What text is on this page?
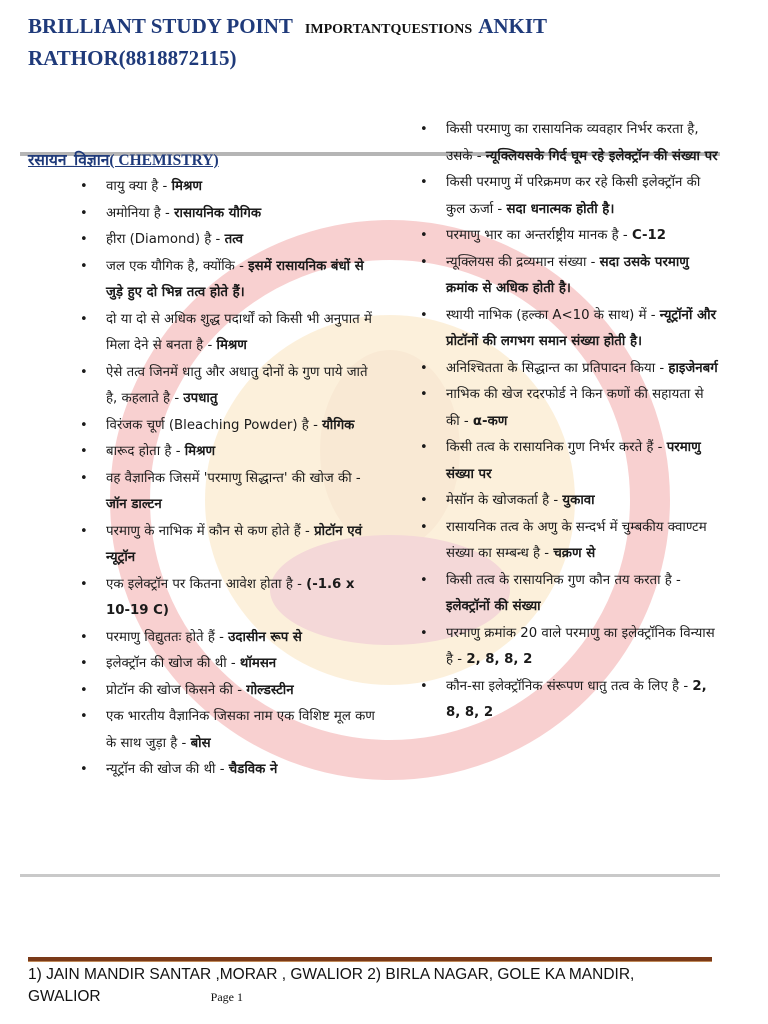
BRILLIANT STUDY POINT IMPORTANTQUESTIONS ANKIT
RATHOR(8818872115)
रसायन_विज्ञान( CHEMISTRY)
• वायु क्या है - मिश्रण
• अमोनिया है - रासायनिक यौगिक
• हीरा (Diamond) है - तत्व
• जल एक यौगिक है, क्योंकि - इसमें रासायनिक बंधों से जुड़े हुए दो भिन्न तत्व होते हैं।
• दो या दो से अधिक शुद्ध पदार्थों को किसी भी अनुपात में मिला देने से बनता है - मिश्रण
• ऐसे तत्व जिनमें धातु और अधातु दोनों के गुण पाये जाते है, कहलाते है - उपधातु
• विरंजक चूर्ण (Bleaching Powder) है - यौगिक
• बारूद होता है - मिश्रण
• वह वैज्ञानिक जिसमें 'परमाणु सिद्धान्त' की खोज की - जॉन डाल्टन
• परमाणु के नाभिक में कौन से कण होते हैं - प्रोटॉन एवं न्यूट्रॉन
• एक इलेक्ट्रॉन पर कितना आवेश होता है - (-1.6 x 10-19 C)
• परमाणु विद्युततः होते हैं - उदासीन रूप से
• इलेक्ट्रॉन की खोज की थी - थॉमसन
• प्रोटॉन की खोज किसने की - गोल्डस्टीन
• एक भारतीय वैज्ञानिक जिसका नाम एक विशिष्ट मूल कण के साथ जुड़ा है - बोस
• न्यूट्रॉन की खोज की थी - चैडविक ने
• किसी परमाणु का रासायनिक व्यवहार निर्भर करता है, उसके - न्यूक्लियसके गिर्द घूम रहे इलेक्ट्रॉन की संख्या पर
• किसी परमाणु में परिक्रमण कर रहे किसी इलेक्ट्रॉन की कुल ऊर्जा - सदा धनात्मक होती है।
• परमाणु भार का अन्तर्राष्ट्रीय मानक है - C-12
• न्यूक्लियस की द्रव्यमान संख्या - सदा उसके परमाणु क्रमांक से अधिक होती है।
• स्थायी नाभिक (हल्का A<10 के साथ) में - न्यूट्रॉनों और प्रोटॉनों की लगभग समान संख्या होती है।
• अनिश्चितता के सिद्धान्त का प्रतिपादन किया - हाइजेनबर्ग
• नाभिक की खेज रदरफोर्ड ने किन कणों की सहायता से की - α-कण
• किसी तत्व के रासायनिक गुण निर्भर करते हैं - परमाणु संख्या पर
• मेसॉन के खोजकर्ता है - युकावा
• रासायनिक तत्व के अणु के सन्दर्भ में चुम्बकीय क्वाण्टम संख्या का सम्बन्ध है - चक्रण से
• किसी तत्व के रासायनिक गुण कौन तय करता है - इलेक्ट्रॉनों की संख्या
• परमाणु क्रमांक 20 वाले परमाणु का इलेक्ट्रॉनिक विन्यास है - 2, 8, 8, 2
• कौन-सा इलेक्ट्रॉनिक संरूपण धातु तत्व के लिए है - 2, 8, 8, 2
1) JAIN MANDIR SANTAR ,MORAR , GWALIOR 2) BIRLA NAGAR, GOLE KA MANDIR, GWALIOR	Page 1
